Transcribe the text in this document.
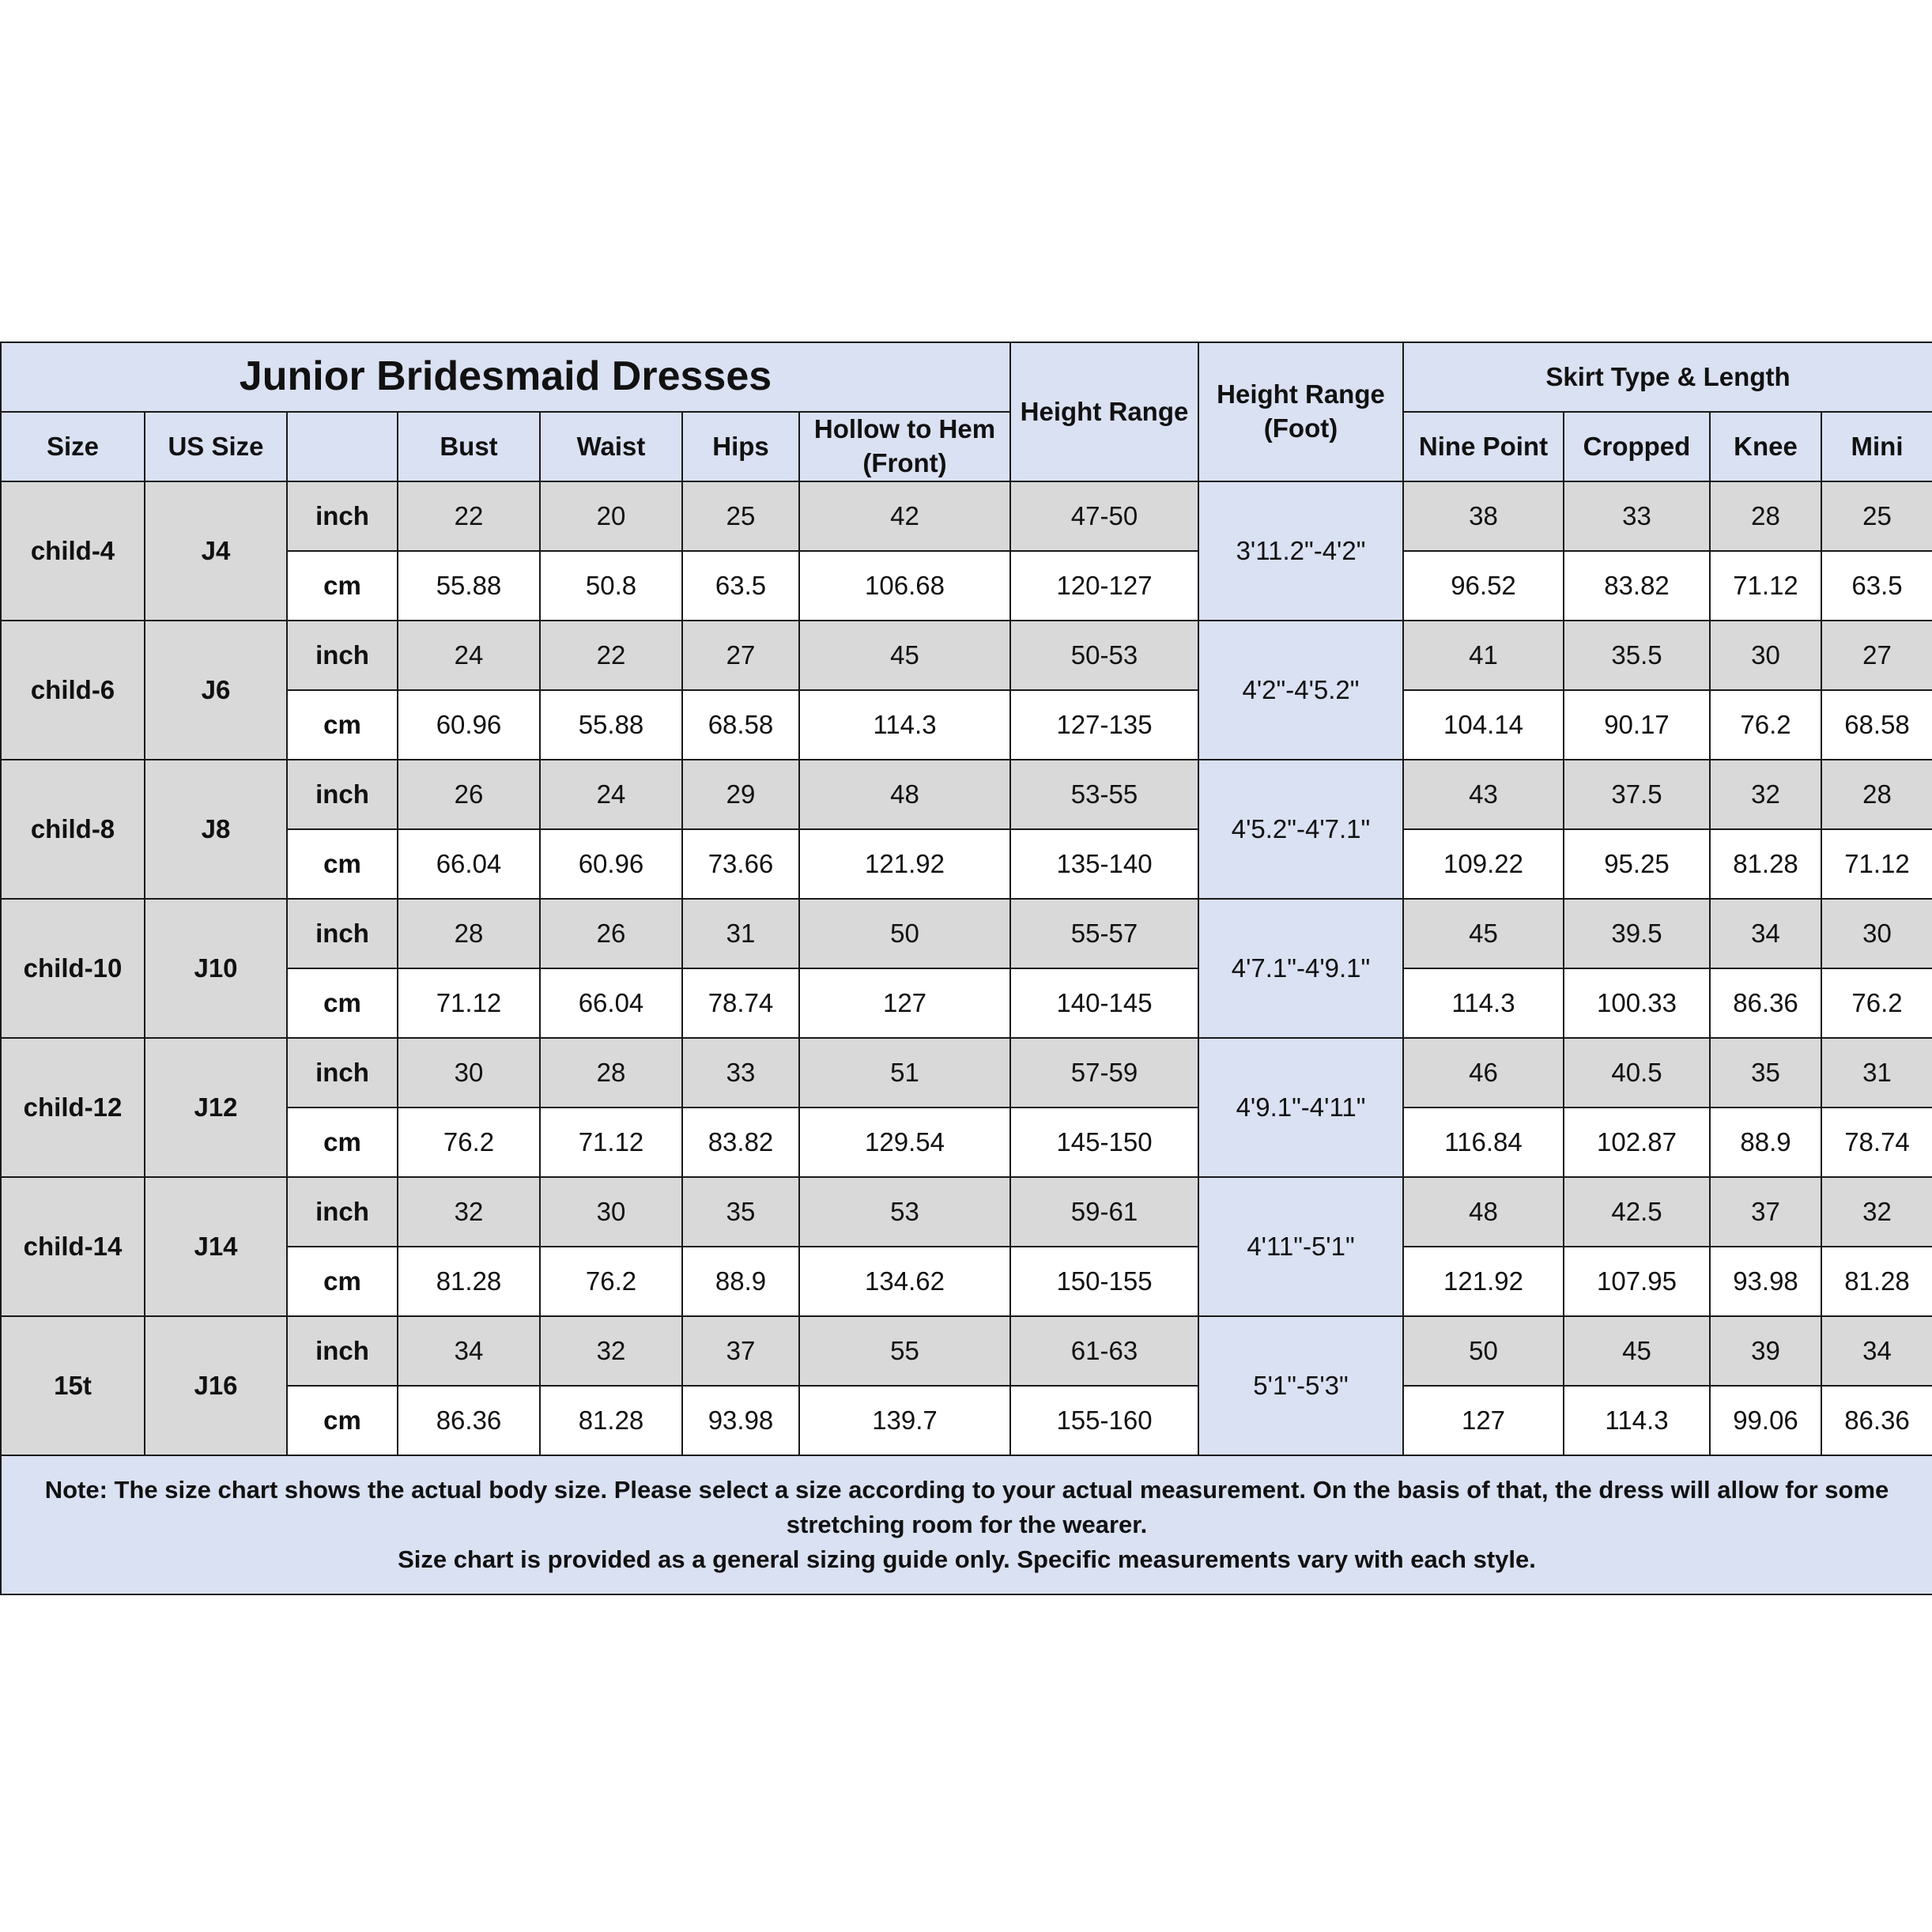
Junior Bridesmaid Dresses							Height Range	Height Range (Foot)	Skirt Type & Length			
Size	US Size		Bust	Waist	Hips	Hollow to Hem (Front)			Nine Point	Cropped	Knee	Mini
child-4	J4	inch	22	20	25	42	47-50	3'11.2"-4'2"	38	33	28	25
		cm	55.88	50.8	63.5	106.68	120-127		96.52	83.82	71.12	63.5
child-6	J6	inch	24	22	27	45	50-53	4'2"-4'5.2"	41	35.5	30	27
		cm	60.96	55.88	68.58	114.3	127-135		104.14	90.17	76.2	68.58
child-8	J8	inch	26	24	29	48	53-55	4'5.2"-4'7.1"	43	37.5	32	28
		cm	66.04	60.96	73.66	121.92	135-140		109.22	95.25	81.28	71.12
child-10	J10	inch	28	26	31	50	55-57	4'7.1"-4'9.1"	45	39.5	34	30
		cm	71.12	66.04	78.74	127	140-145		114.3	100.33	86.36	76.2
child-12	J12	inch	30	28	33	51	57-59	4'9.1"-4'11"	46	40.5	35	31
		cm	76.2	71.12	83.82	129.54	145-150		116.84	102.87	88.9	78.74
child-14	J14	inch	32	30	35	53	59-61	4'11"-5'1"	48	42.5	37	32
		cm	81.28	76.2	88.9	134.62	150-155		121.92	107.95	93.98	81.28
15t	J16	inch	34	32	37	55	61-63	5'1"-5'3"	50	45	39	34
		cm	86.36	81.28	93.98	139.7	155-160		127	114.3	99.06	86.36

Note: The size chart shows the actual body size. Please select a size according to your actual measurement. On the basis of that, the dress will allow for some stretching room for the wearer.
Size chart is provided as a general sizing guide only. Specific measurements vary with each style.												
